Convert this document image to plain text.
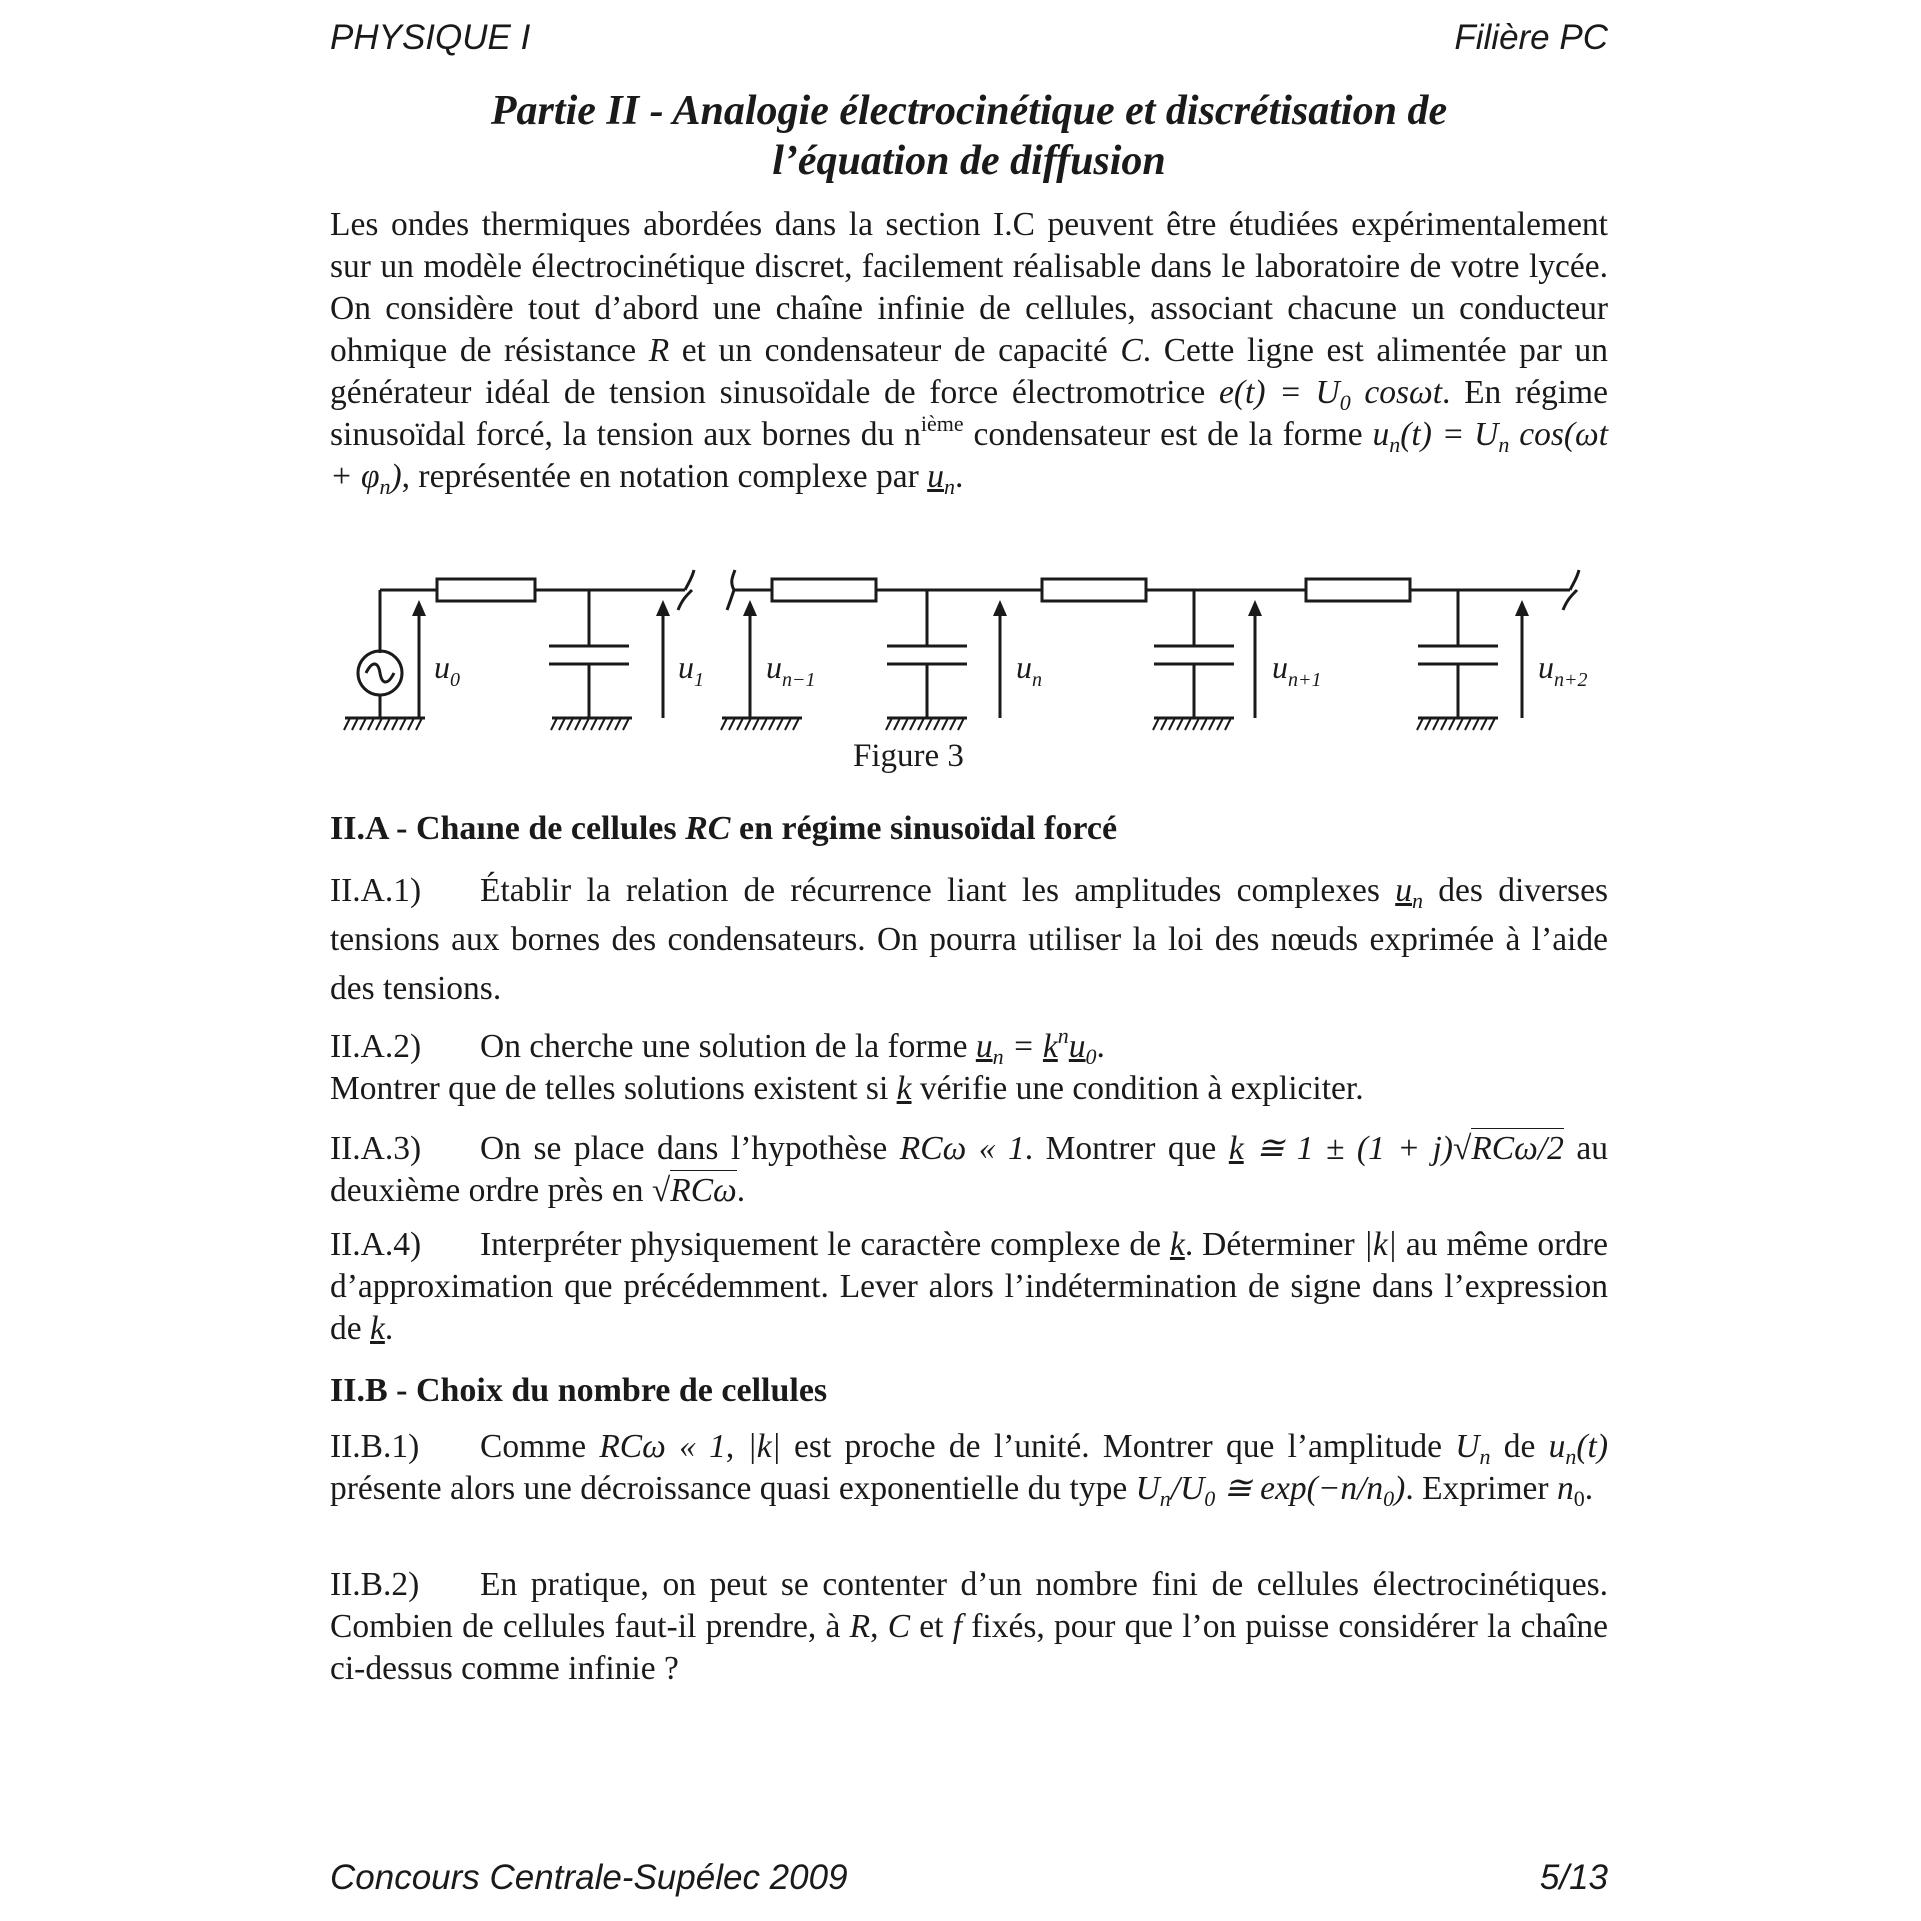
PHYSIQUE I	Filière PC
Partie II - Analogie électrocinétique et discrétisation de
l’équation de diffusion
Les ondes thermiques abordées dans la section I.C peuvent être étudiées expérimentalement sur un modèle électrocinétique discret, facilement réalisable dans le laboratoire de votre lycée. On considère tout d’abord une chaîne infinie de cellules, associant chacune un conducteur ohmique de résistance R et un condensateur de capacité C. Cette ligne est alimentée par un générateur idéal de tension sinusoïdale de force électromotrice $e(t) = U_0$ cosωt. En régime sinusoïdal forcé, la tension aux bornes du $n^{ième}$ condensateur est de la forme $u_n(t) = U_n$ $\cos(\omega t + \varphi_n)$, représentée en notation complexe par $u_n$.
$u_0$	$u_1$ $u_{n-1}$	$u_n$	$u_{n+1}$	$u_{n+2}$
Figure 3
II.A - Chaıne de cellules RC en régime sinusoïdal forcé
II.A.1) Établir la relation de récurrence liant les amplitudes complexes $u_n$ des diverses tensions aux bornes des condensateurs. On pourra utiliser la loi des nœuds exprimée à l’aide des tensions.
II.A.2) On cherche une solution de la forme $u_n = k^nu_0$.
Montrer que de telles solutions existent si k vérifie une condition à expliciter.
II.A.3) On se place dans l’hypothèse RCω « 1. Montrer que k ≅ 1 ± (1 + j)√RCω/2 au deuxième ordre près en √RCω.
II.A.4) Interpréter physiquement le caractère complexe de k. Déterminer |k| au même ordre d’approximation que précédemment. Lever alors l’indétermination de signe dans l’expression de k.
II.B - Choix du nombre de cellules
II.B.1) Comme RCω « 1, |k| est proche de l’unité. Montrer que l’amplitude $U_n$ de $u_n(t)$ présente alors une décroissance quasi exponentielle du type $U_n/U_0$ ≅ $\exp(-n/n_0)$. Exprimer $n_0$.
II.B.2) En pratique, on peut se contenter d’un nombre fini de cellules électrocinétiques. Combien de cellules faut-il prendre, à R, C et f fixés, pour que l’on puisse considérer la chaîne ci-dessus comme infinie ?
Concours Centrale-Supélec 2009	5/13
